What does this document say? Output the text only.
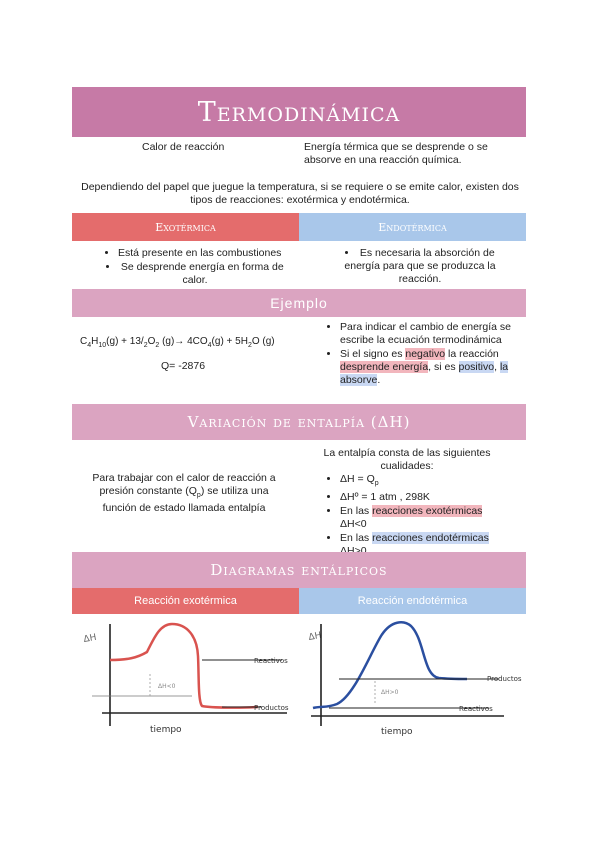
Termodinámica
Calor de reacción	Energía térmica que se desprende o se absorve en una reacción química.
Dependiendo del papel que juegue la temperatura, si se requiere o se emite calor, existen dos tipos de reacciones: exotérmica y endotérmica.
Exotérmica	Endotérmica
• Está presente en las combustiones
• Se desprende energía en forma de calor.
• Es necesaria la absorción de energía para que se produzca la reacción.
Ejemplo
$C_4H_{10}(g) + 13/_2O_2$ $(g)\to 4CO_4(g) + 5H_2O$ (g)
Q= -2876
• Para indicar el cambio de energía se escribe la ecuación termodinámica
• Si el signo es negativo la reacción desprende energía, si es positivo, la absorve.
Variación de entalpía (ΔH)
Para trabajar con el calor de reacción a presión constante $(Q_p)$ se utiliza una función de estado llamada entalpía
La entalpía consta de las siguientes cualidades:
• $\Delta H = Q_p$
• ΔHº = 1 atm , 298K
• En las reacciones exotérmicas
ΔH<0
• En las reacciones endotérmicas

Diagramas entálpicos
Reacción exotérmica	Reacción endotérmica
ΔH
Reactivos
Productos
ΔH<0
tiempo
ΔH
Productos
Reactivos
ΔH>0
tiempo
